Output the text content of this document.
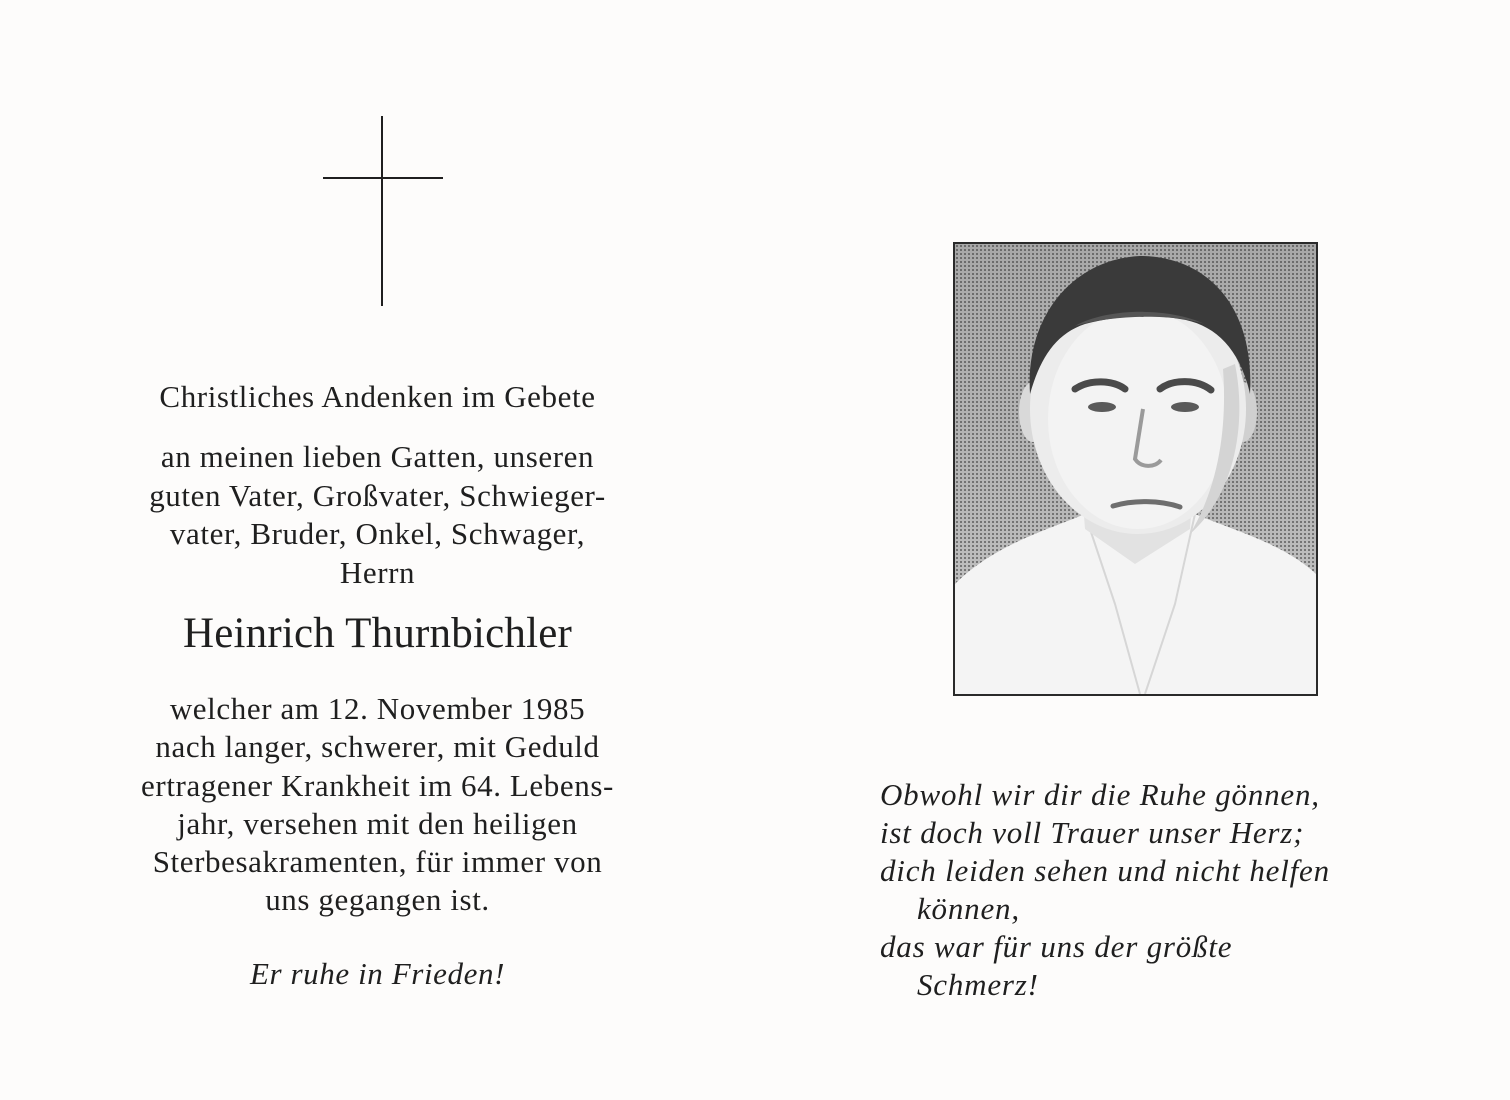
Christliches Andenken im Gebete

an meinen lieben Gatten, unseren
guten Vater, Großvater, Schwieger-
vater, Bruder, Onkel, Schwager,
Herrn

Heinrich Thurnbichler

welcher am 12. November 1985
nach langer, schwerer, mit Geduld
ertragener Krankheit im 64. Lebens-
jahr, versehen mit den heiligen
Sterbesakramenten, für immer von
uns gegangen ist.

Er ruhe in Frieden!

Obwohl wir dir die Ruhe gönnen,
ist doch voll Trauer unser Herz;
dich leiden sehen und nicht helfen
können,
das war für uns der größte
Schmerz!
